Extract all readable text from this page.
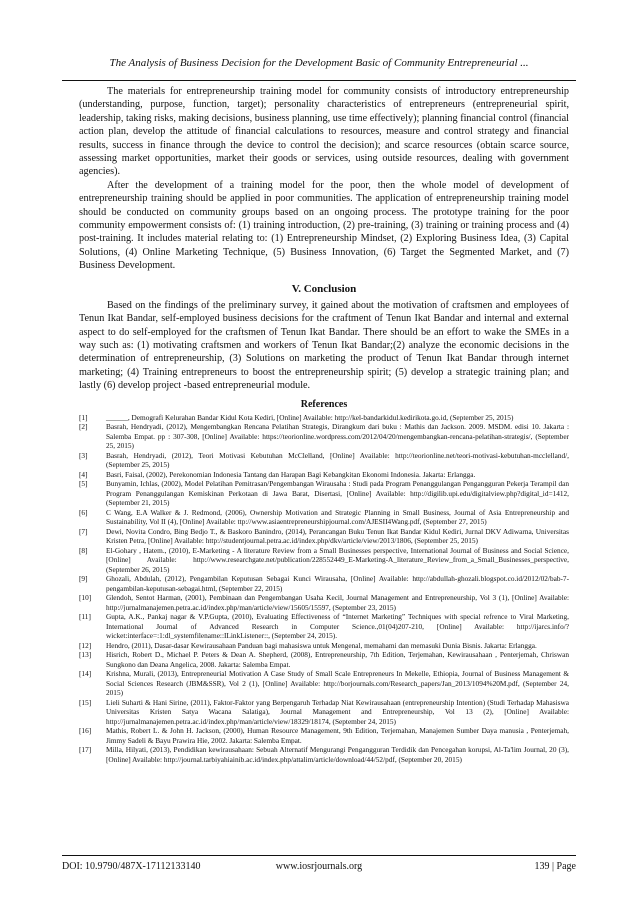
The Analysis of Business Decision for the Development Basic of Community Entrepreneurial ...

The materials for entrepreneurship training model for community consists of introductory entrepreneurship (understanding, purpose, function, target); personality characteristics of entrepreneurs (entrepreneurial spirit, leadership, taking risks, making decisions, business planning, use time effectively); planning financial control (financial action plan, develop the attitude of financial calculations to resources, measure and control strategy and financial results, success in finance through the device to control the decision); and scarce resources (obtain scarce source, assessing market opportunities, market their goods or services, using outside resources, dealing with government agencies).

After the development of a training model for the poor, then the whole model of development of entrepreneurship training should be applied in poor communities. The application of entrepreneurship training model should be conducted on community groups based on an ongoing process. The prototype training for the poor community empowerment consists of: (1) training introduction, (2) pre-training, (3) training or training process and (4) post-training. It includes material relating to: (1) Entrepreneurship Mindset, (2) Exploring Business Idea, (3) Capital Solutions, (4) Online Marketing Technique, (5) Business Innovation, (6) Target the Segmented Market, and (7) Business Development.

V. Conclusion

Based on the findings of the preliminary survey, it gained about the motivation of craftsmen and employees of Tenun Ikat Bandar, self-employed business decisions for the craftment of Tenun Ikat Bandar and internal and external aspect to do self-employed for the craftsmen of Tenun Ikat Bandar. There should be an effort to wake the SMEs in a way such as: (1) motivating craftsmen and workers of Tenun Ikat Bandar;(2) analyze the economic decisions in the determination of entrepreneurship, (3) Solutions on marketing the product of Tenun Ikat Bandar through internet marketing; (4) Training entrepreneurs to boost the entrepreneurship spirit; (5) develop a strategic training plan; and lastly (6) develop project -based entrepreneurial module.

References
[1]	______, Demografi Kelurahan Bandar Kidul Kota Kediri, [Online] Available: http://kel-bandarkidul.kedirikota.go.id, (September 25, 2015)
[2]	Basrah, Hendryadi, (2012), Mengembangkan Rencana Pelatihan Strategis, Dirangkum dari buku : Mathis dan Jackson. 2009. MSDM. edisi 10. Jakarta : Salemba Empat. pp : 307-308, [Online] Available: https://teorionline.wordpress.com/2012/04/20/mengembangkan-rencana-pelatihan-strategis/, (September 25, 2015)
[3]	Basrah, Hendryadi, (2012), Teori Motivasi Kebutuhan McClelland, [Online] Available: http://teorionline.net/teori-motivasi-kebutuhan-mcclelland/, (September 25, 2015)
[4]	Basri, Faisal, (2002), Perekonomian Indonesia Tantang dan Harapan Bagi Kebangkitan Ekonomi Indonesia. Jakarta: Erlangga.
[5]	Bunyamin, Ichlas, (2002), Model Pelatihan Pemitrasan/Pengembangan Wirausaha : Studi pada Program Penanggulangan Pengangguran Pekerja Terampil dan Program Penanggulangan Kemiskinan Perkotaan di Jawa Barat, Disertasi, [Online] Available: http://digilib.upi.edu/digitalview.php?digital_id=1412, (September 21, 2015)
[6]	C Wang, E.A Walker & J. Redmond, (2006), Ownership Motivation and Strategic Planning in Small Business, Journal of Asia Entrepreneurship and Sustainability, Vol II (4), [Online] Available: ttp://www.asiaentrepreneurshipjournal.com/AJESII4Wang.pdf, (September 27, 2015)
[7]	Dewi, Novita Condro, Bing Bedjo T., & Baskoro Banindro, (2014), Perancangan Buku Tenun Ikat Bandar Kidul Kediri, Jurnal DKV Adiwarna, Universitas Kristen Petra, [Online] Available: http://studentjournal.petra.ac.id/index.php/dkv/article/view/2013/1806, (September 25, 2015)
[8]	El-Gohary , Hatem., (2010), E-Marketing - A literature Review from a Small Businesses perspective, International Journal of Business and Social Science, [Online] Available: http://www.researchgate.net/publication/228552449_E-Marketing-A_literature_Review_from_a_Small_Businesses_perspective, (September 26, 2015)
[9]	Ghozali, Abdulah, (2012), Pengambilan Keputusan Sebagai Kunci Wirausaha, [Online] Available: http://abdullah-ghozali.blogspot.co.id/2012/02/bab-7-pengambilan-keputusan-sebagai.html, (September 22, 2015)
[10]	Glendoh, Sentot Harman, (2001), Pembinaan dan Pengembangan Usaha Kecil, Journal Management and Entrepreneurship, Vol 3 (1), [Online] Available: http://jurnalmanajemen.petra.ac.id/index.php/man/article/view/15605/15597, (September 23, 2015)
[11]	Gupta, A.K., Pankaj nagar & V.P.Gupta, (2010), Evaluating Effectiveness of “Internet Marketing” Techniques with special refrence to Viral Marketing, International Journal of Advanced Research in Computer Science.,01(04)207-210, [Online] Available: http://ijarcs.info/?wicket:interface=:1:dl_systemfilename::ILinkListener::, (September 24, 2015).
[12]	Hendro, (2011), Dasar-dasar Kewirausahaan Panduan bagi mahasiswa untuk Mengenal, memahami dan memasuki Dunia Bisnis. Jakarta: Erlangga.
[13]	Hisrich, Robert D., Michael P. Peters & Dean A. Shepherd, (2008), Entrepreneurship, 7th Edition, Terjemahan, Kewirausahaan , Penterjemah, Chriswan Sungkono dan Deana Angelica, 2008. Jakarta: Salemba Empat.
[14]	Krishna, Murali, (2013), Entrepreneurial Motivation A Case Study of Small Scale Entrepreneurs In Mekelle, Ethiopia, Journal of Business Management & Social Sciences Research (JBM&SSR), Vol 2 (1), [Online] Available: http://borjournals.com/Research_papers/Jan_2013/1094%20M.pdf, (September 24, 2015)
[15]	Lieli Suharti & Hani Sirine, (2011), Faktor-Faktor yang Berpengaruh Terhadap Niat Kewirausahaan (entrepreneurship Intention) (Studi Terhadap Mahasiswa Universitas Kristen Satya Wacana Salatiga), Journal Management and Entrepreneurship, Vol 13 (2), [Online] Available: http://jurnalmanajemen.petra.ac.id/index.php/man/article/view/18329/18174, (September 24, 2015)
[16]	Mathis, Robert L. & John H. Jackson, (2000), Human Resource Management, 9th Edition, Terjemahan, Manajemen Sumber Daya manusia , Penterjemah, Jimmy Sadeli & Bayu Prawira Hie, 2002. Jakarta: Salemba Empat.
[17]	Milla, Hilyati, (2013), Pendidikan kewirausahaan: Sebuah Alternatif Mengurangi Pengangguran Terdidik dan Pencegahan korupsi, Al-Ta'lim Journal, 20 (3), [Online] Available: http://journal.tarbiyahiainib.ac.id/index.php/attalim/article/download/44/52/pdf, (September 20, 2015)
DOI: 10.9790/487X-17112133140	www.iosrjournals.org	139 | Page
